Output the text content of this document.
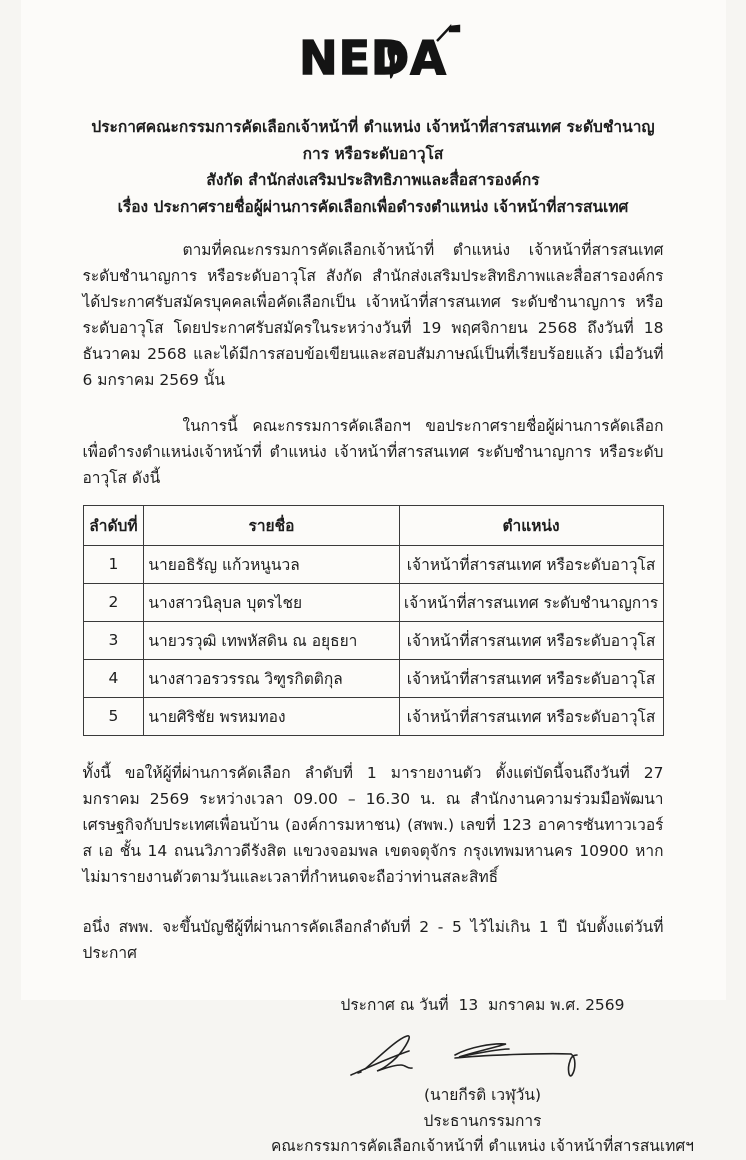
NEDA
ประกาศคณะกรรมการคัดเลือกเจ้าหน้าที่ ตำแหน่ง เจ้าหน้าที่สารสนเทศ ระดับชำนาญการ หรือระดับอาวุโส
สังกัด สำนักส่งเสริมประสิทธิภาพและสื่อสารองค์กร
เรื่อง ประกาศรายชื่อผู้ผ่านการคัดเลือกเพื่อดำรงตำแหน่ง เจ้าหน้าที่สารสนเทศ

ตามที่คณะกรรมการคัดเลือกเจ้าหน้าที่ ตำแหน่ง เจ้าหน้าที่สารสนเทศ ระดับชำนาญการ หรือระดับอาวุโส สังกัด สำนักส่งเสริมประสิทธิภาพและสื่อสารองค์กร ได้ประกาศรับสมัครบุคคลเพื่อคัดเลือกเป็น เจ้าหน้าที่สารสนเทศ ระดับชำนาญการ หรือระดับอาวุโส โดยประกาศรับสมัครในระหว่างวันที่ 19 พฤศจิกายน 2568 ถึงวันที่ 18 ธันวาคม 2568 และได้มีการสอบข้อเขียนและสอบสัมภาษณ์เป็นที่เรียบร้อยแล้ว เมื่อวันที่ 6 มกราคม 2569 นั้น

ในการนี้ คณะกรรมการคัดเลือกฯ ขอประกาศรายชื่อผู้ผ่านการคัดเลือกเพื่อดำรงตำแหน่งเจ้าหน้าที่ ตำแหน่ง เจ้าหน้าที่สารสนเทศ ระดับชำนาญการ หรือระดับอาวุโส ดังนี้

ลำดับที่	รายชื่อ	ตำแหน่ง
1	นายอธิรัญ แก้วหนูนวล	เจ้าหน้าที่สารสนเทศ หรือระดับอาวุโส
2	นางสาวนิลุบล บุตรไชย	เจ้าหน้าที่สารสนเทศ ระดับชำนาญการ
3	นายวรวุฒิ เทพหัสดิน ณ อยุธยา	เจ้าหน้าที่สารสนเทศ หรือระดับอาวุโส
4	นางสาวอรวรรณ วิฑูรกิตติกุล	เจ้าหน้าที่สารสนเทศ หรือระดับอาวุโส
5	นายศิริชัย พรหมทอง	เจ้าหน้าที่สารสนเทศ หรือระดับอาวุโส

ทั้งนี้ ขอให้ผู้ที่ผ่านการคัดเลือก ลำดับที่ 1 มารายงานตัว ตั้งแต่บัดนี้จนถึงวันที่ 27 มกราคม 2569 ระหว่างเวลา 09.00 – 16.30 น. ณ สำนักงานความร่วมมือพัฒนาเศรษฐกิจกับประเทศเพื่อนบ้าน (องค์การมหาชน) (สพพ.) เลขที่ 123 อาคารซันทาวเวอร์ส เอ ชั้น 14 ถนนวิภาวดีรังสิต แขวงจอมพล เขตจตุจักร กรุงเทพมหานคร 10900 หากไม่มารายงานตัวตามวันและเวลาที่กำหนดจะถือว่าท่านสละสิทธิ์

อนึ่ง สพพ. จะขึ้นบัญชีผู้ที่ผ่านการคัดเลือกลำดับที่ 2 - 5 ไว้ไม่เกิน 1 ปี นับตั้งแต่วันที่ประกาศ

ประกาศ ณ วันที่  13  มกราคม พ.ศ. 2569
(นายกีรติ เวฬุวัน)
ประธานกรรมการ
คณะกรรมการคัดเลือกเจ้าหน้าที่ ตำแหน่ง เจ้าหน้าที่สารสนเทศฯ
